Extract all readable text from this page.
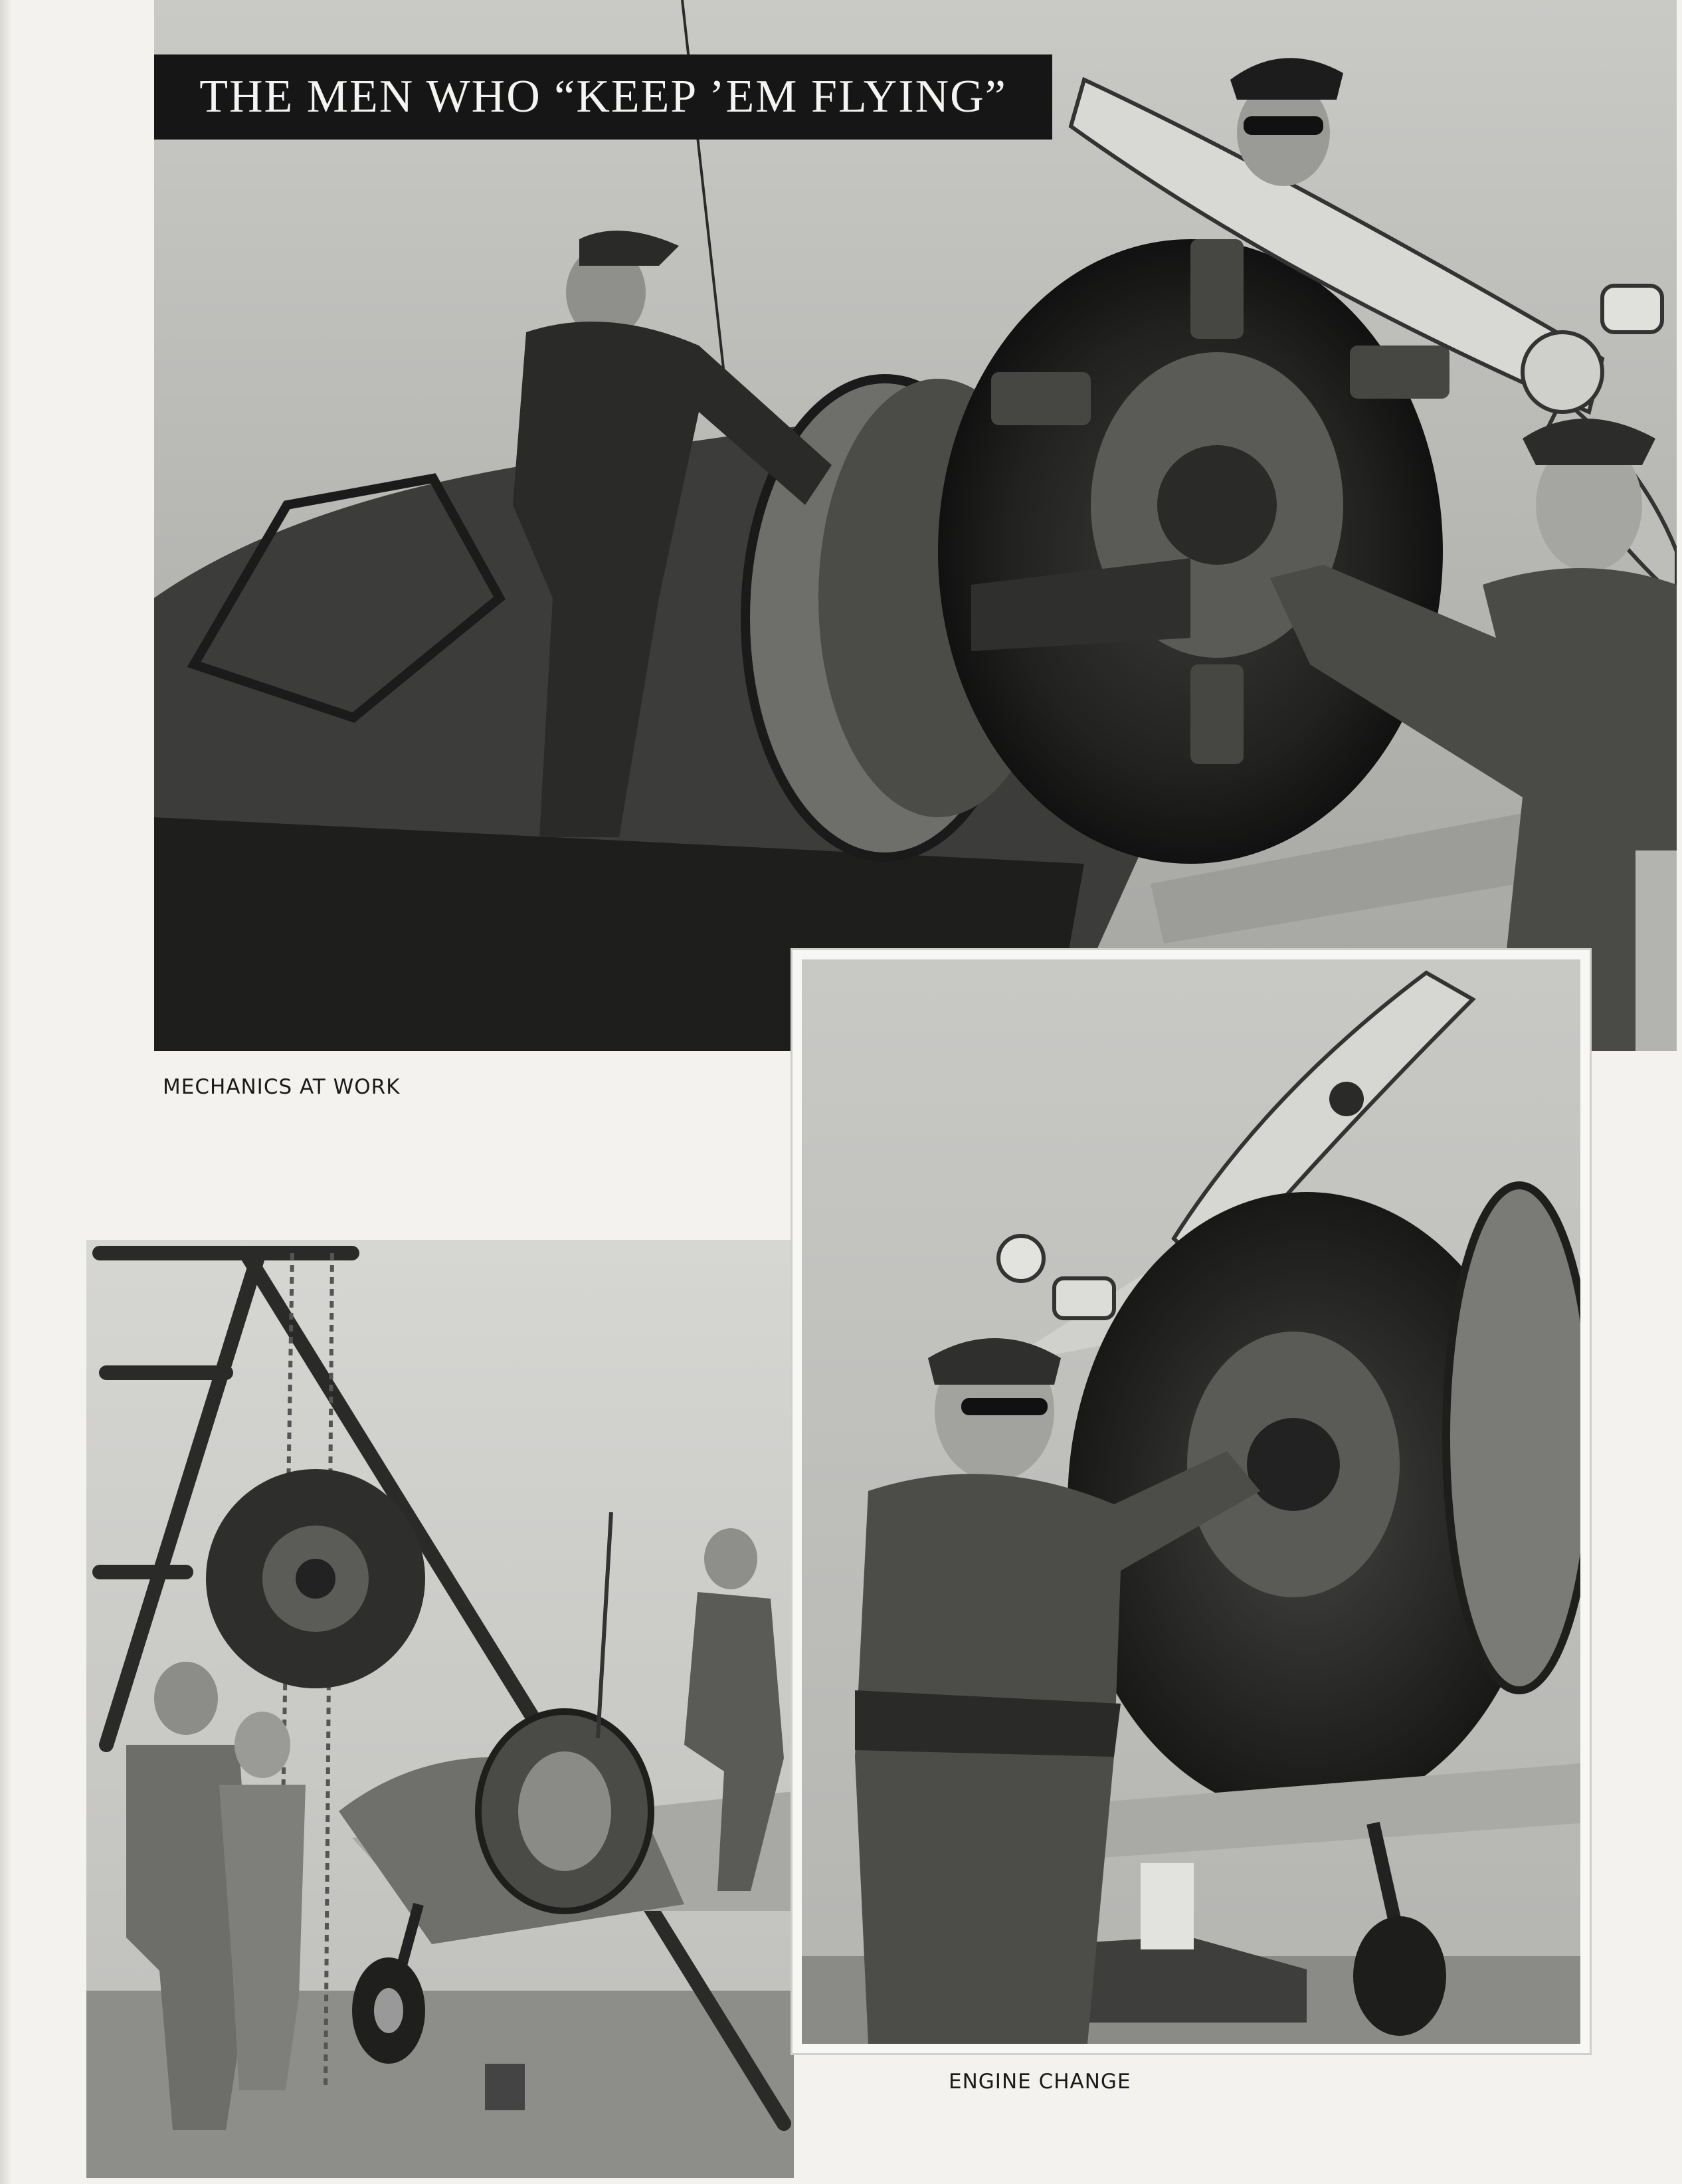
THE MEN WHO “KEEP ’EM FLYING”
MECHANICS AT WORK
ENGINE CHANGE
